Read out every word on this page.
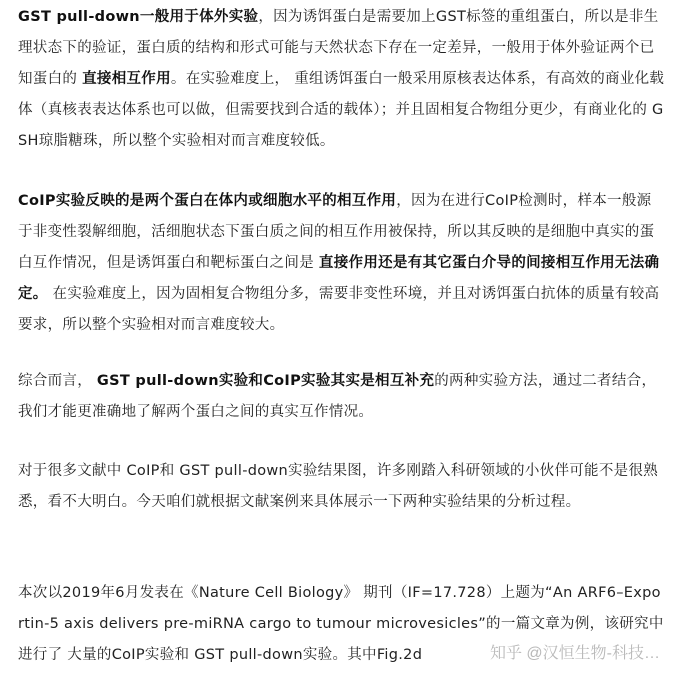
GST pull-down一般用于体外实验，因为诱饵蛋白是需要加上GST标签的重组蛋白，所以是非生理状态下的验证，蛋白质的结构和形式可能与天然状态下存在一定差异，一般用于体外验证两个已知蛋白的 直接相互作用。在实验难度上， 重组诱饵蛋白一般采用原核表达体系，有高效的商业化载体（真核表表达体系也可以做，但需要找到合适的载体）；并且固相复合物组分更少，有商业化的 GSH琼脂糖珠，所以整个实验相对而言难度较低。

CoIP实验反映的是两个蛋白在体内或细胞水平的相互作用，因为在进行CoIP检测时，样本一般源于非变性裂解细胞，活细胞状态下蛋白质之间的相互作用被保持，所以其反映的是细胞中真实的蛋白互作情况，但是诱饵蛋白和靶标蛋白之间是 直接作用还是有其它蛋白介导的间接相互作用无法确定。 在实验难度上，因为固相复合物组分多，需要非变性环境，并且对诱饵蛋白抗体的质量有较高要求，所以整个实验相对而言难度较大。

综合而言， GST pull-down实验和CoIP实验其实是相互补充的两种实验方法，通过二者结合，我们才能更准确地了解两个蛋白之间的真实互作情况。

对于很多文献中 CoIP和 GST pull-down实验结果图，许多刚踏入科研领域的小伙伴可能不是很熟悉，看不大明白。今天咱们就根据文献案例来具体展示一下两种实验结果的分析过程。

本次以2019年6月发表在《Nature Cell Biology》 期刊（IF=17.728）上题为“An ARF6–Exportin-5 axis delivers pre-miRNA cargo to tumour microvesicles”的一篇文章为例，该研究中进行了 大量的CoIP实验和 GST pull-down实验。其中Fig.2d	知乎 @汉恒生物-科技…
